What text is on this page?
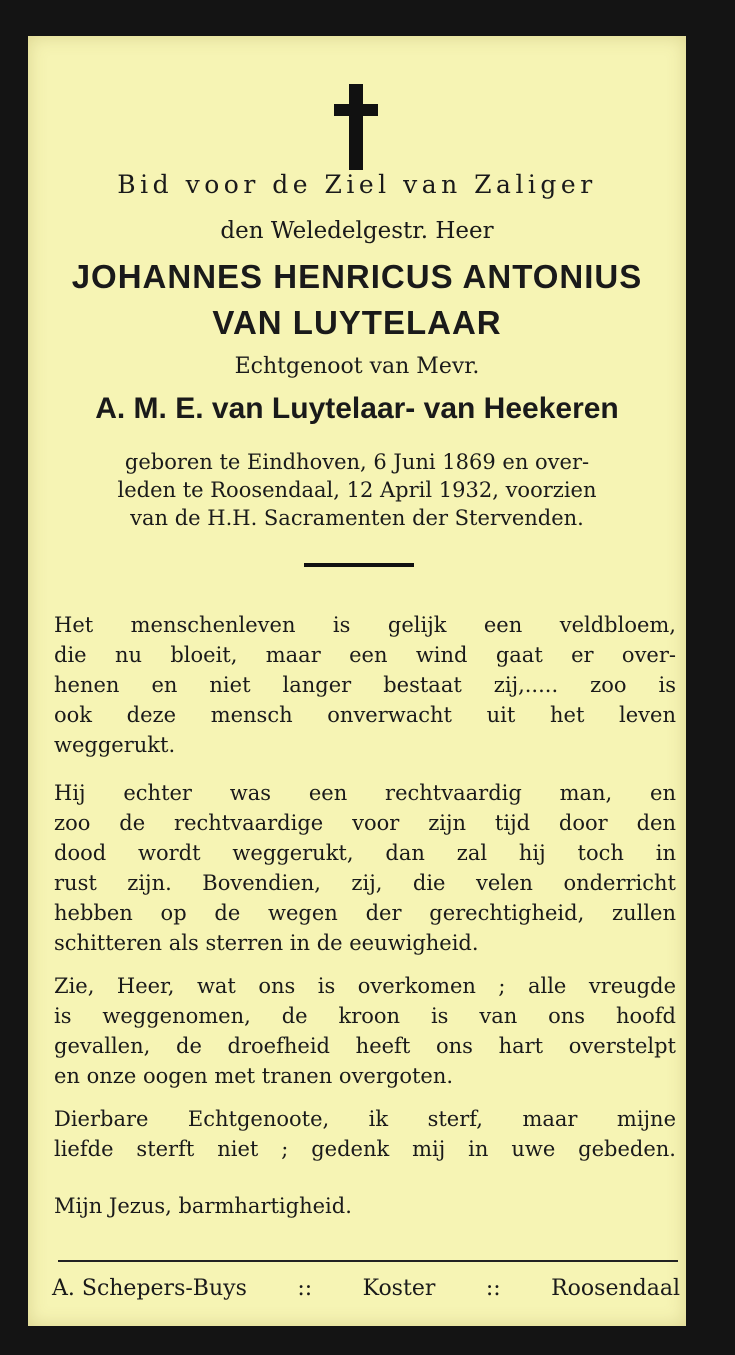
Bid voor de Ziel van Zaliger
den Weledelgestr. Heer
JOHANNES HENRICUS ANTONIUS
VAN LUYTELAAR
Echtgenoot van Mevr.
A. M. E. van Luytelaar- van Heekeren
geboren te Eindhoven, 6 Juni 1869 en over-
leden te Roosendaal, 12 April 1932, voorzien
van de H.H. Sacramenten der Stervenden.
Het menschenleven is gelijk een veldbloem,
die nu bloeit, maar een wind gaat er over-
henen en niet langer bestaat zij,..... zoo is
ook deze mensch onverwacht uit het leven
weggerukt.
Hij echter was een rechtvaardig man, en
zoo de rechtvaardige voor zijn tijd door den
dood wordt weggerukt, dan zal hij toch in
rust zijn. Bovendien, zij, die velen onderricht
hebben op de wegen der gerechtigheid, zullen
schitteren als sterren in de eeuwigheid.
Zie, Heer, wat ons is overkomen ; alle vreugde
is weggenomen, de kroon is van ons hoofd
gevallen, de droefheid heeft ons hart overstelpt
en onze oogen met tranen overgoten.
Dierbare Echtgenoote, ik sterf, maar mijne
liefde sterft niet ; gedenk mij in uwe gebeden.
Mijn Jezus, barmhartigheid.
A. Schepers-Buys :: Koster :: Roosendaal
